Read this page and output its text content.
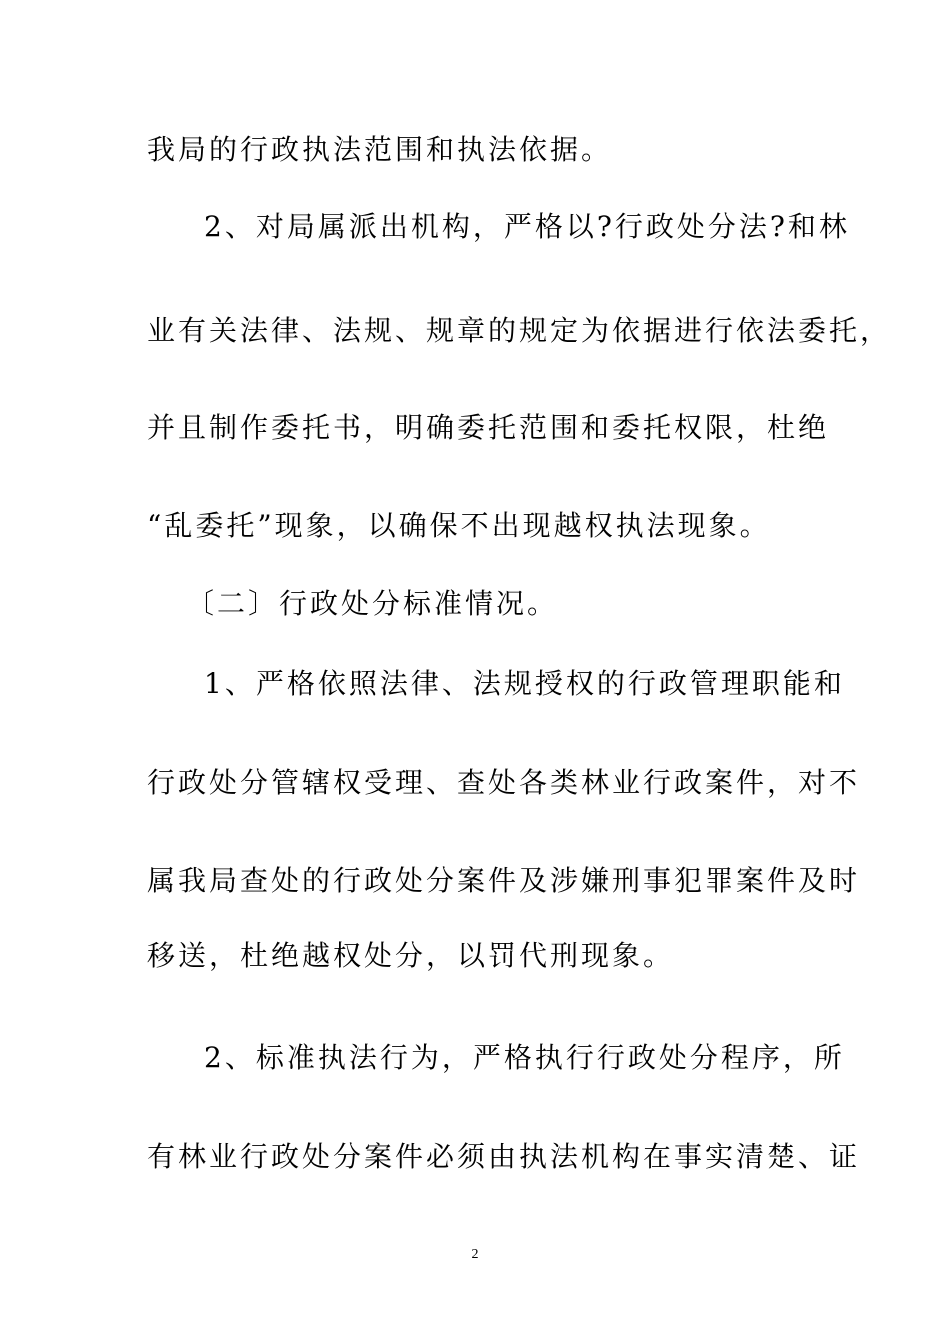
我局的行政执法范围和执法依据。
2、对局属派出机构，严格以?行政处分法?和林
业有关法律、法规、规章的规定为依据进行依法委托，
并且制作委托书，明确委托范围和委托权限，杜绝
“乱委托”现象，以确保不出现越权执法现象。
〔二〕行政处分标准情况。
1、严格依照法律、法规授权的行政管理职能和
行政处分管辖权受理、查处各类林业行政案件，对不
属我局查处的行政处分案件及涉嫌刑事犯罪案件及时
移送，杜绝越权处分，以罚代刑现象。
2、标准执法行为，严格执行行政处分程序，所
有林业行政处分案件必须由执法机构在事实清楚、证
2
